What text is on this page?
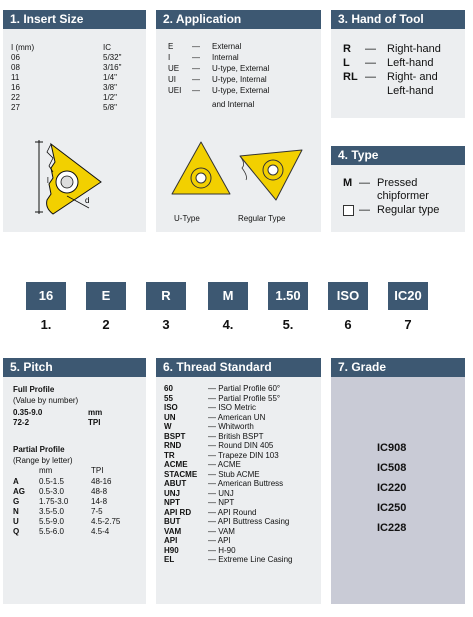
1. Insert Size
I (mm)	IC
06	5/32"
08	3/16"
11	1/4"
16	3/8"
22	1/2"
27	5/8"
l
d
2. Application
E — External
I	— Internal
UE — U-type, External
UI — U-type, Internal
UEI — U-type, External
and Internal
U-Type	Regular Type
3. Hand of Tool
R — Right-hand
L — Left-hand
RL — Right- and
Left-hand
4. Type
M — Pressed
chipformer
— Regular type
16
1.
E
2
R
3
M
4.
1.50
5.
ISO
6
IC20
7
5. Pitch
Full Profile
(Value by number)
0.35-9.0	mm
72-2	TPI
Partial Profile
(Range by letter)
mm	TPI
A	0.5-1.5	48-16
AG 0.5-3.0	48-8
G 1.75-3.0	14-8
N	3.5-5.0	7-5
U	5.5-9.0	4.5-2.75
Q 5.5-6.0	4.5-4
6. Thread Standard
60	— Partial Profile 60°
55	— Partial Profile 55°
ISO	— ISO Metric
UN	— American UN
W	— Whitworth
BSPT	— British BSPT
RND	— Round DIN 405
TR	— Trapeze DIN 103
ACME	— ACME
STACME — Stub ACME
ABUT	— American Buttress
UNJ	— UNJ
NPT	— NPT
API RD — API Round
BUT	— API Buttress Casing
VAM	— VAM
API	— API
H90	— H-90
EL	— Extreme Line Casing
7. Grade
IC908
IC508
IC220
IC250
IC228
